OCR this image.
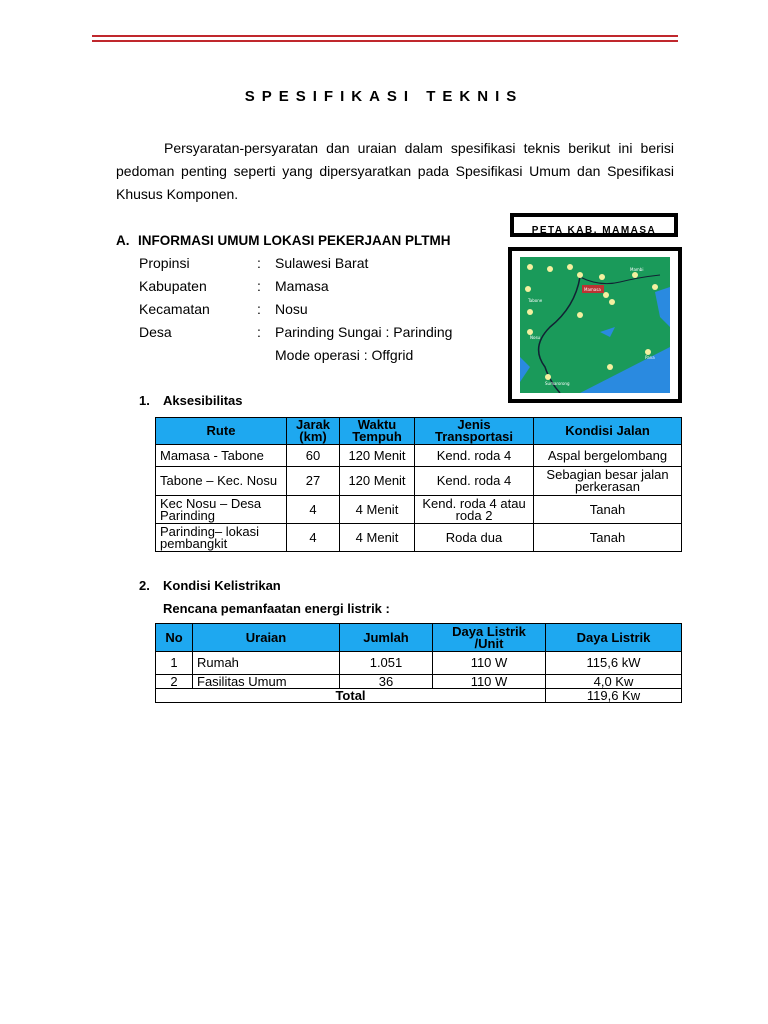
SPESIFIKASI TEKNIS

Persyaratan-persyaratan dan uraian dalam spesifikasi teknis berikut ini berisi pedoman penting seperti yang dipersyaratkan pada Spesifikasi Umum dan Spesifikasi Khusus Komponen.

A. INFORMASI UMUM LOKASI PEKERJAAN PLTMH
Propinsi	: Sulawesi Barat
Kabupaten	: Mamasa
Kecamatan	: Nosu
Desa	: Parinding Sungai : Parinding
Mode operasi : Offgrid
PETA KAB. MAMASA
Mamasa
Tabone
Nosu
Sumarorong
Pana
Mambi
1. Aksesibilitas
Rute	Jarak (km)	Waktu Tempuh	Jenis Transportasi	Kondisi Jalan
Mamasa - Tabone	60	120 Menit	Kend. roda 4	Aspal bergelombang
Tabone – Kec. Nosu	27	120 Menit	Kend. roda 4	Sebagian besar jalan perkerasan
Kec Nosu – Desa Parinding	4	4 Menit	Kend. roda 4 atau roda 2	Tanah
Parinding– lokasi pembangkit	4	4 Menit	Roda dua	Tanah
2. Kondisi Kelistrikan
Rencana pemanfaatan energi listrik :
No	Uraian	Jumlah	Daya Listrik /Unit	Daya Listrik
1	Rumah	1.051	110 W	115,6 kW
2	Fasilitas Umum	36	110 W	4,0 Kw
Total				119,6 Kw
